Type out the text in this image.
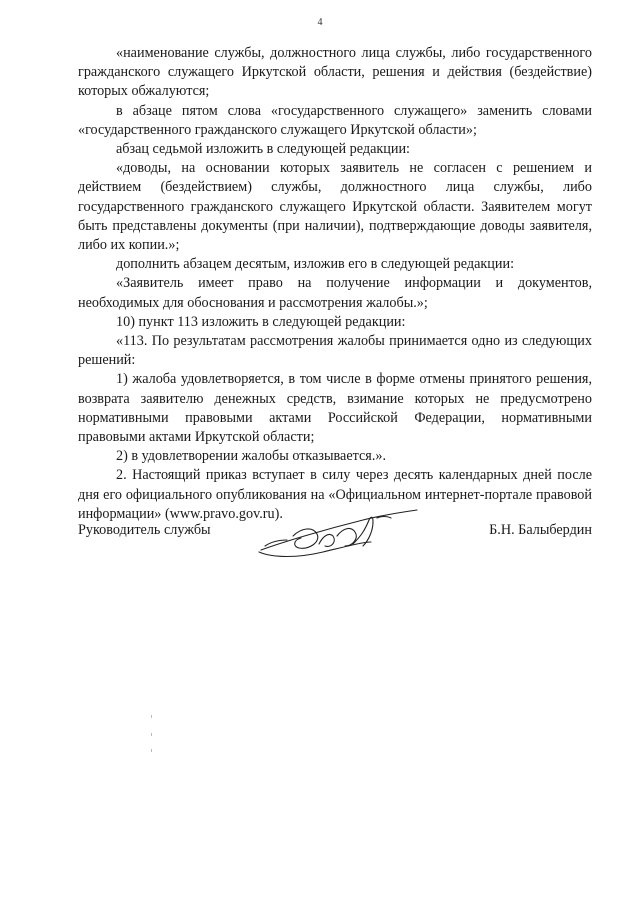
4

«наименование службы, должностного лица службы, либо государственного гражданского служащего Иркутской области, решения и действия (бездействие) которых обжалуются;

в абзаце пятом слова «государственного служащего» заменить словами «государственного гражданского служащего Иркутской области»;

абзац седьмой изложить в следующей редакции:

«доводы, на основании которых заявитель не согласен с решением и действием (бездействием) службы, должностного лица службы, либо государственного гражданского служащего Иркутской области. Заявителем могут быть представлены документы (при наличии), подтверждающие доводы заявителя, либо их копии.»;

дополнить абзацем десятым, изложив его в следующей редакции:

«Заявитель имеет право на получение информации и документов, необходимых для обоснования и рассмотрения жалобы.»;

10) пункт 113 изложить в следующей редакции:

«113. По результатам рассмотрения жалобы принимается одно из следующих решений:

1) жалоба удовлетворяется, в том числе в форме отмены принятого решения, возврата заявителю денежных средств, взимание которых не предусмотрено нормативными правовыми актами Российской Федерации, нормативными правовыми актами Иркутской области;

2) в удовлетворении жалобы отказывается.».

2. Настоящий приказ вступает в силу через десять календарных дней после дня его официального опубликования на «Официальном интернет-портале правовой информации» (www.pravo.gov.ru).

Руководитель службы	Б.Н. Балыбердин
